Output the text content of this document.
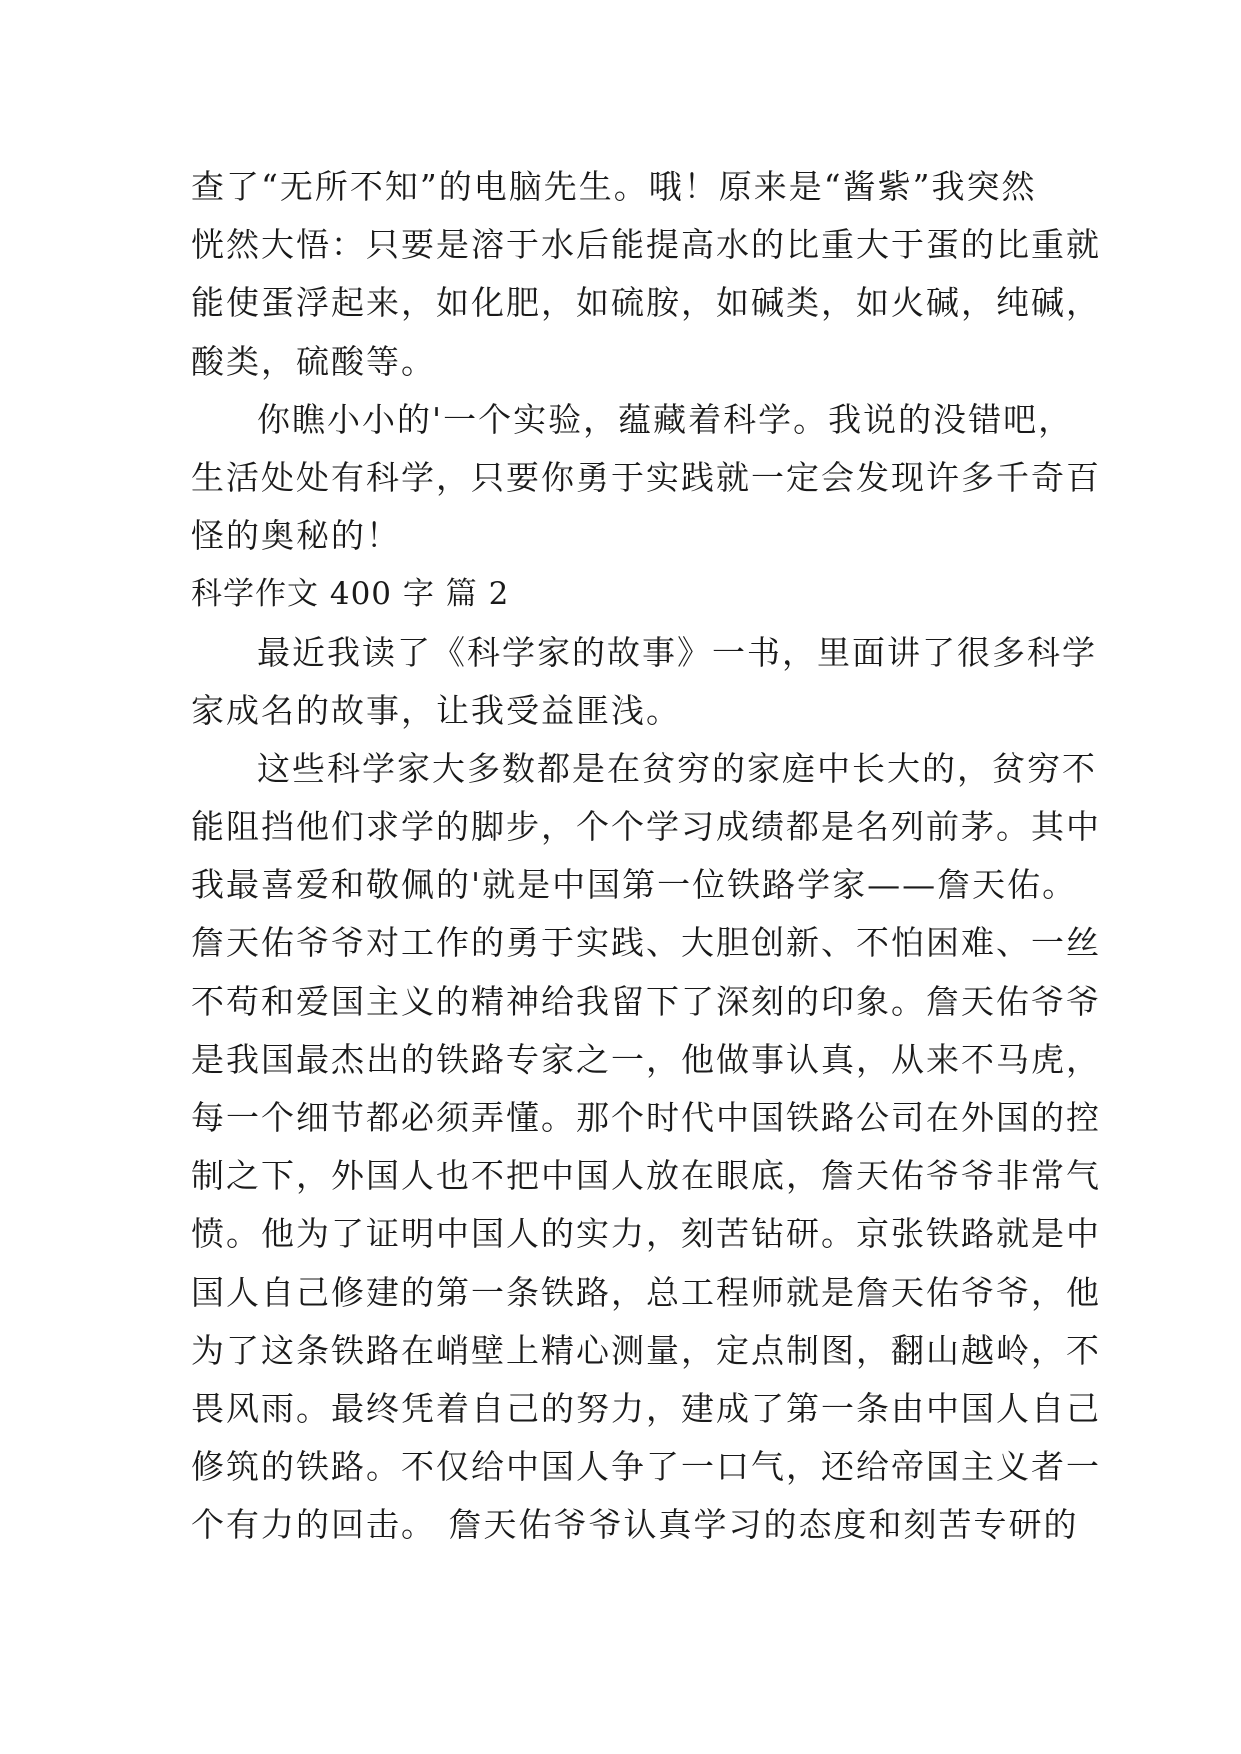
查了“无所不知”的电脑先生。哦！原来是“酱紫”我突然
恍然大悟：只要是溶于水后能提高水的比重大于蛋的比重就
能使蛋浮起来，如化肥，如硫胺，如碱类，如火碱，纯碱，
酸类，硫酸等。
你瞧小小的'一个实验，蕴藏着科学。我说的没错吧，
生活处处有科学，只要你勇于实践就一定会发现许多千奇百
怪的奥秘的！
科学作文 400 字 篇 2
最近我读了《科学家的故事》一书，里面讲了很多科学
家成名的故事，让我受益匪浅。
这些科学家大多数都是在贫穷的家庭中长大的，贫穷不
能阻挡他们求学的脚步，个个学习成绩都是名列前茅。其中
我最喜爱和敬佩的'就是中国第一位铁路学家——詹天佑。
詹天佑爷爷对工作的勇于实践、大胆创新、不怕困难、一丝
不苟和爱国主义的精神给我留下了深刻的印象。詹天佑爷爷
是我国最杰出的铁路专家之一，他做事认真，从来不马虎，
每一个细节都必须弄懂。那个时代中国铁路公司在外国的控
制之下，外国人也不把中国人放在眼底，詹天佑爷爷非常气
愤。他为了证明中国人的实力，刻苦钻研。京张铁路就是中
国人自己修建的第一条铁路，总工程师就是詹天佑爷爷，他
为了这条铁路在峭壁上精心测量，定点制图，翻山越岭，不
畏风雨。最终凭着自己的努力，建成了第一条由中国人自己
修筑的铁路。不仅给中国人争了一口气，还给帝国主义者一
个有力的回击。 詹天佑爷爷认真学习的态度和刻苦专研的
